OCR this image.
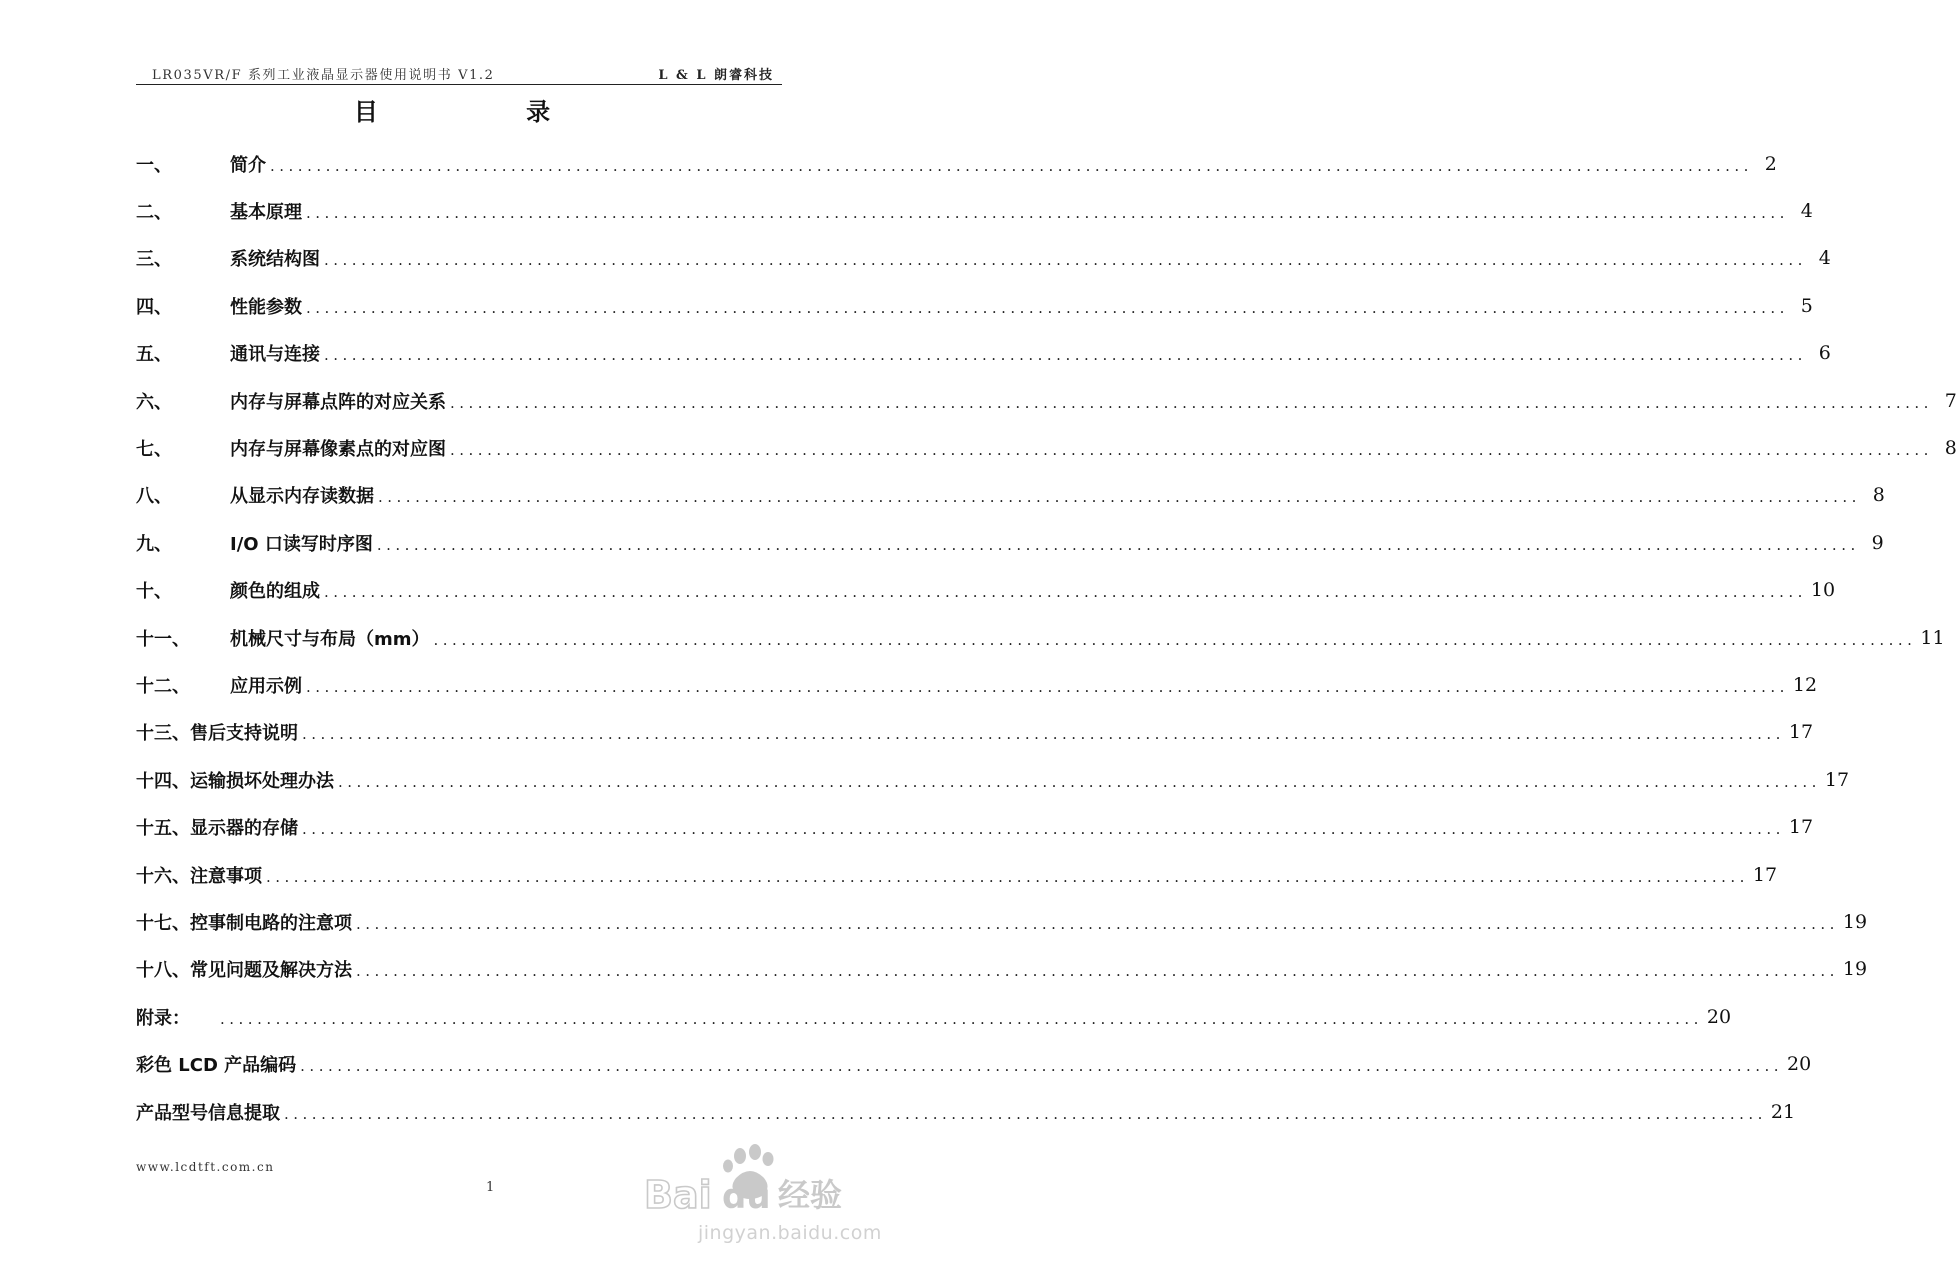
LR035VR/F 系列工业液晶显示器使用说明书 V1.2	L & L 朗睿科技
目 录
一、	简介 ................................................................................................................................................................ 2
二、	基本原理 ................................................................................................................................................................ 4
三、	系统结构图 ................................................................................................................................................................ 4
四、	性能参数 ................................................................................................................................................................ 5
五、	通讯与连接 ................................................................................................................................................................ 6
六、	内存与屏幕点阵的对应关系 ................................................................................................................................................................ 7
七、	内存与屏幕像素点的对应图 ................................................................................................................................................................ 8
八、	从显示内存读数据 ................................................................................................................................................................ 8
九、	I/O 口读写时序图 ................................................................................................................................................................ 9
十、	颜色的组成 ................................................................................................................................................................ 10
十一、	机械尺寸与布局（mm） ................................................................................................................................................................ 11
十二、	应用示例 ................................................................................................................................................................ 12
十三、 售后支持说明 ................................................................................................................................................................ 17
十四、 运输损坏处理办法 ................................................................................................................................................................ 17
十五、 显示器的存储 ................................................................................................................................................................ 17
十六、 注意事项 ................................................................................................................................................................ 17
十七、 控事制电路的注意项 ................................................................................................................................................................ 19
十八、 常见问题及解决方法 ................................................................................................................................................................ 19
附录： ................................................................................................................................................................ 20
彩色 LCD 产品编码 ................................................................................................................................................................ 20
产品型号信息提取 ................................................................................................................................................................ 21
www.lcdtft.com.cn
1	Bai du 经验
jingyan.baidu.com
